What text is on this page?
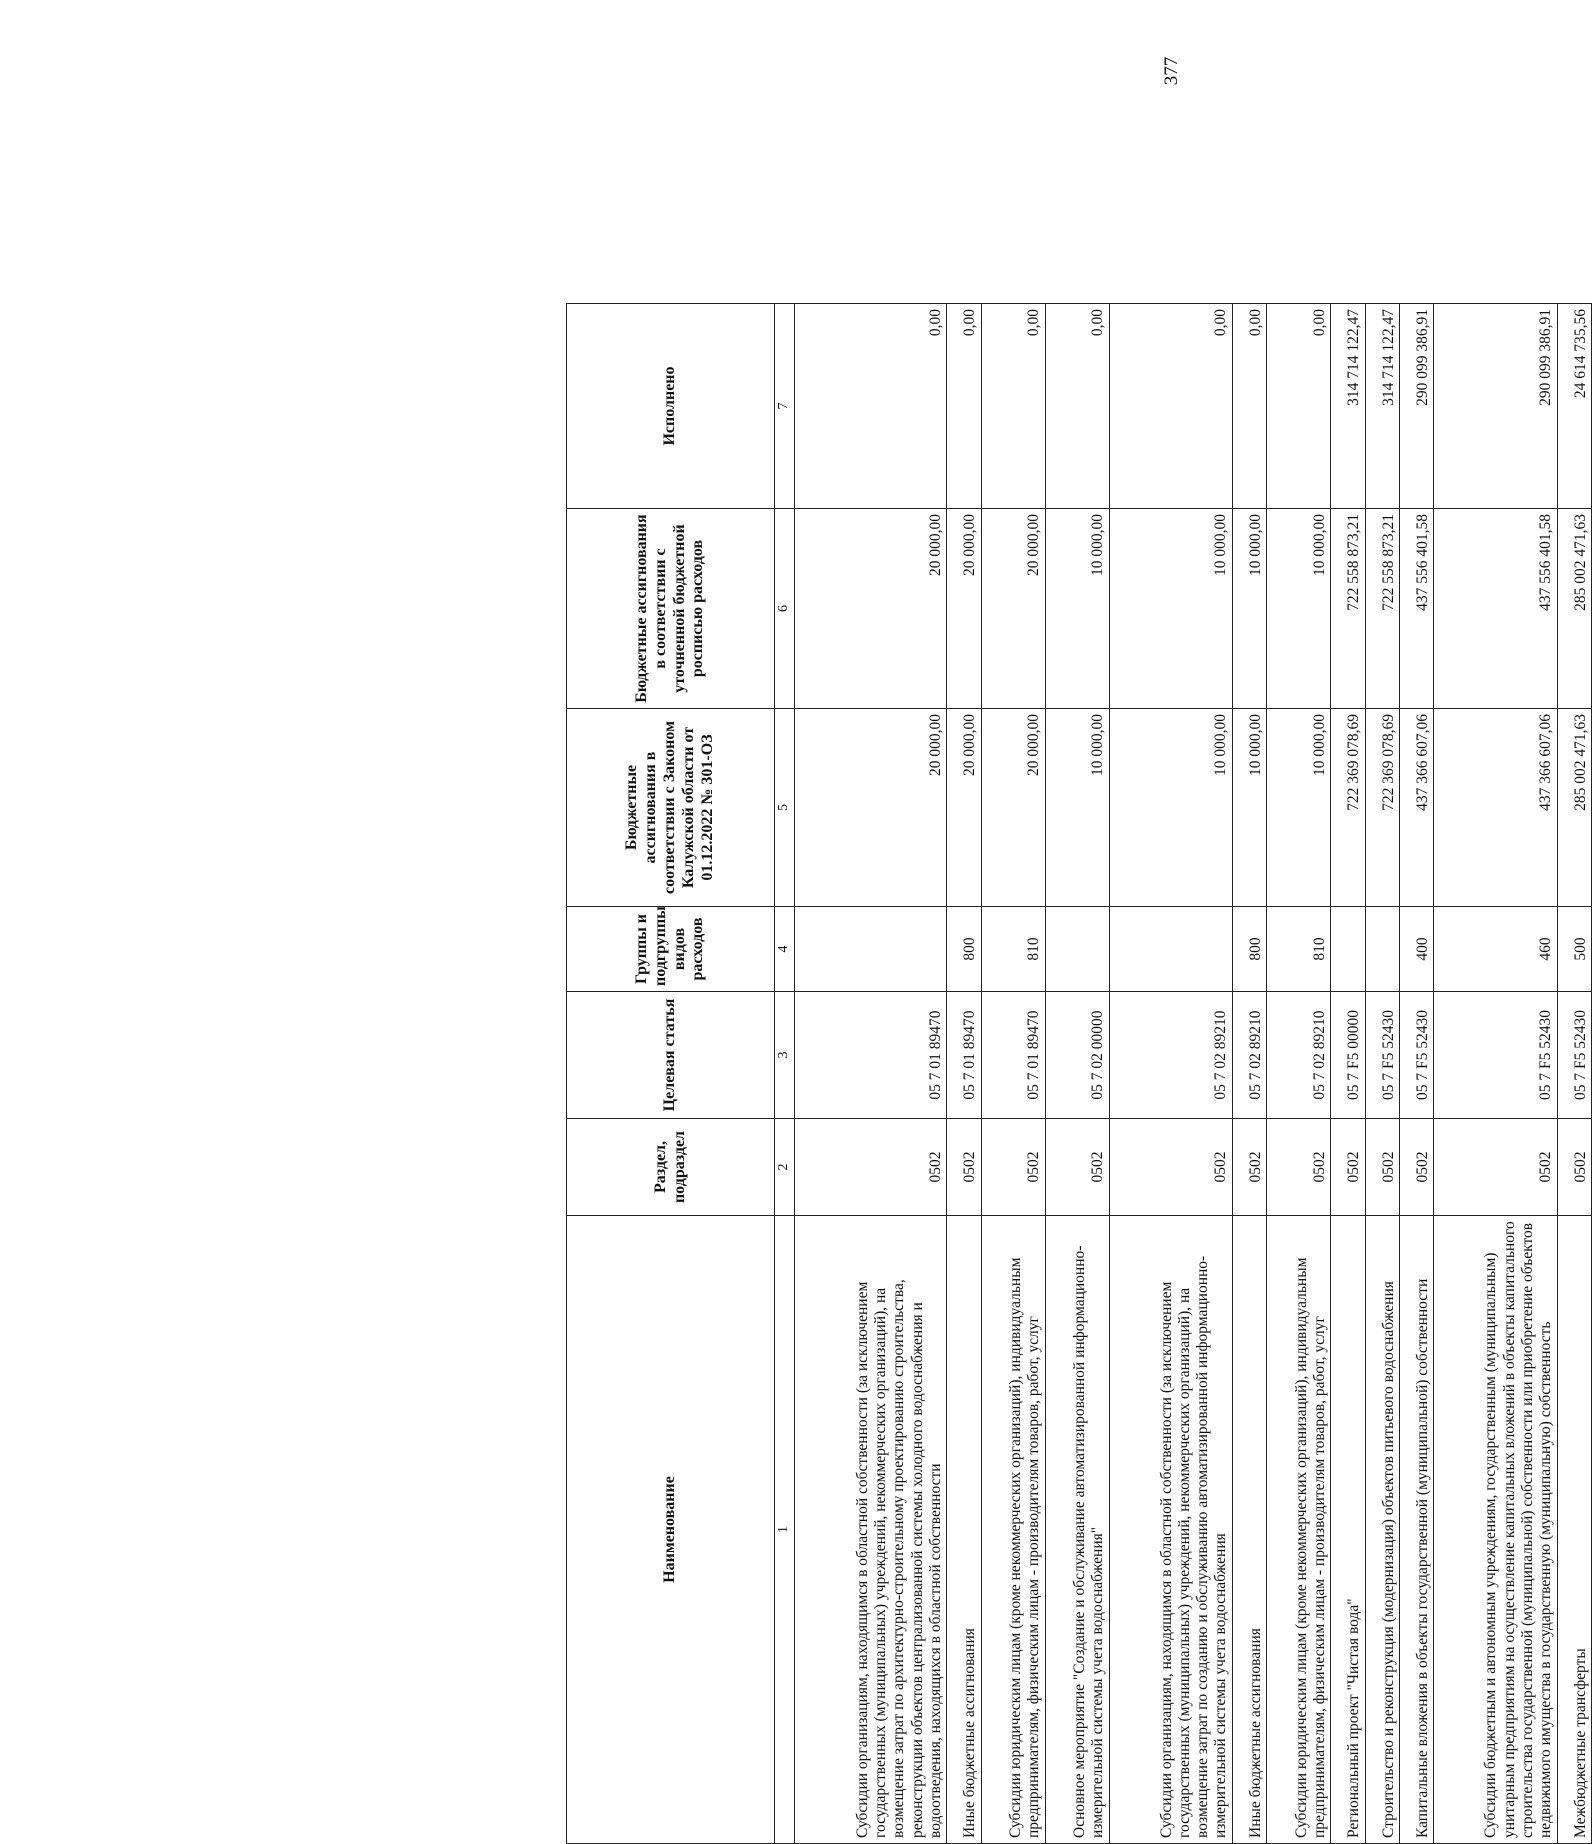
377
Наименование	Раздел, подраздел	Целевая статья	Группы и подгруппы видов расходов	Бюджетные ассигнования в соответствии с Законом Калужской области от 01.12.2022 № 301-ОЗ	Бюджетные ассигнования в соответствии с уточненной бюджетной росписью расходов	Исполнено
1	2	3	4	5	6	7
Субсидии организациям, находящимся в областной собственности (за исключением государственных (муниципальных) учреждений, некоммерческих организаций), на возмещение затрат по архитектурно-строительному проектированию строительства, реконструкции объектов централизованной системы холодного водоснабжения и водоотведения, находящихся в областной собственности	0502	05 7 01 89470		20 000,00	20 000,00	0,00
Иные бюджетные ассигнования	0502	05 7 01 89470	800	20 000,00	20 000,00	0,00
Субсидии юридическим лицам (кроме некоммерческих организаций), индивидуальным предпринимателям, физическим лицам - производителям товаров, работ, услуг	0502	05 7 01 89470	810	20 000,00	20 000,00	0,00
Основное мероприятие "Создание и обслуживание автоматизированной информационно-измерительной системы учета водоснабжения"	0502	05 7 02 00000		10 000,00	10 000,00	0,00
Субсидии организациям, находящимся в областной собственности (за исключением государственных (муниципальных) учреждений, некоммерческих организаций), на возмещение затрат по созданию и обслуживанию автоматизированной информационно-измерительной системы учета водоснабжения	0502	05 7 02 89210		10 000,00	10 000,00	0,00
Иные бюджетные ассигнования	0502	05 7 02 89210	800	10 000,00	10 000,00	0,00
Субсидии юридическим лицам (кроме некоммерческих организаций), индивидуальным предпринимателям, физическим лицам - производителям товаров, работ, услуг	0502	05 7 02 89210	810	10 000,00	10 000,00	0,00
Региональный проект "Чистая вода"	0502	05 7 F5 00000		722 369 078,69	722 558 873,21	314 714 122,47
Строительство и реконструкция (модернизация) объектов питьевого водоснабжения	0502	05 7 F5 52430		722 369 078,69	722 558 873,21	314 714 122,47
Капитальные вложения в объекты государственной (муниципальной) собственности	0502	05 7 F5 52430	400	437 366 607,06	437 556 401,58	290 099 386,91
Субсидии бюджетным и автономным учреждениям, государственным (муниципальным) унитарным предприятиям на осуществление капитальных вложений в объекты капитального строительства государственной (муниципальной) собственности или приобретение объектов недвижимого имущества в государственную (муниципальную) собственность	0502	05 7 F5 52430	460	437 366 607,06	437 556 401,58	290 099 386,91
Межбюджетные трансферты	0502	05 7 F5 52430	500	285 002 471,63	285 002 471,63	24 614 735,56
